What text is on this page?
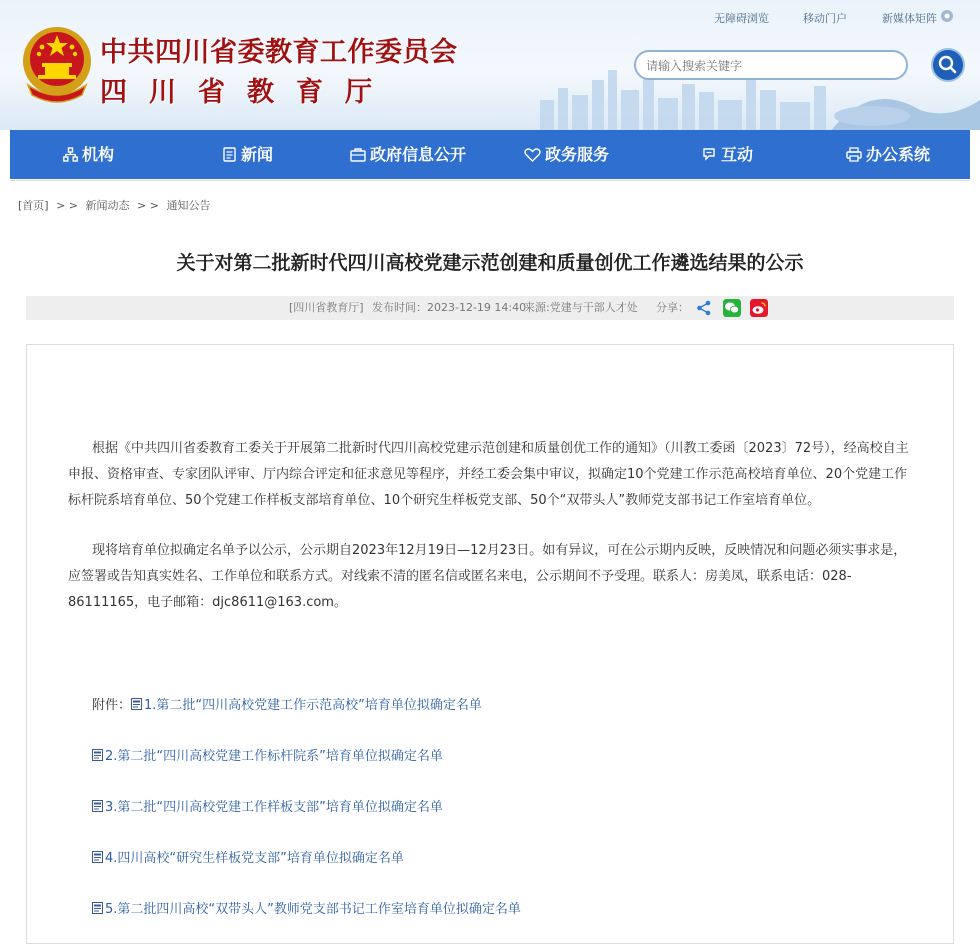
中共四川省委教育工作委员会
四川省教育厅
无障碍浏览	移动门户	新媒体矩阵
请输入搜索关键字
机构	新闻	政府信息公开	政务服务	互动	办公系统
[首页] > > 新闻动态 > > 通知公告
关于对第二批新时代四川高校党建示范创建和质量创优工作遴选结果的公示
[四川省教育厅] 发布时间：2023-12-19 14:40
来源:党建与干部人才处 分享：

根据《中共四川省委教育工委关于开展第二批新时代四川高校党建示范创建和质量创优工作的通知》（川教工委函〔2023〕72号），经高校自主申报、资格审查、专家团队评审、厅内综合评定和征求意见等程序，并经工委会集中审议，拟确定10个党建工作示范高校培育单位、20个党建工作标杆院系培育单位、50个党建工作样板支部培育单位、10个研究生样板党支部、50个“双带头人”教师党支部书记工作室培育单位。

现将培育单位拟确定名单予以公示，公示期自2023年12月19日—12月23日。如有异议，可在公示期内反映，反映情况和问题必须实事求是，应签署或告知真实姓名、工作单位和联系方式。对线索不清的匿名信或匿名来电，公示期间不予受理。联系人：房美凤，联系电话：028-86111165，电子邮箱：djc8611@163.com。

附件： 1.第二批“四川高校党建工作示范高校”培育单位拟确定名单
2.第二批“四川高校党建工作标杆院系”培育单位拟确定名单
3.第二批“四川高校党建工作样板支部”培育单位拟确定名单
4.四川高校“研究生样板党支部”培育单位拟确定名单
5.第二批四川高校“双带头人”教师党支部书记工作室培育单位拟确定名单
